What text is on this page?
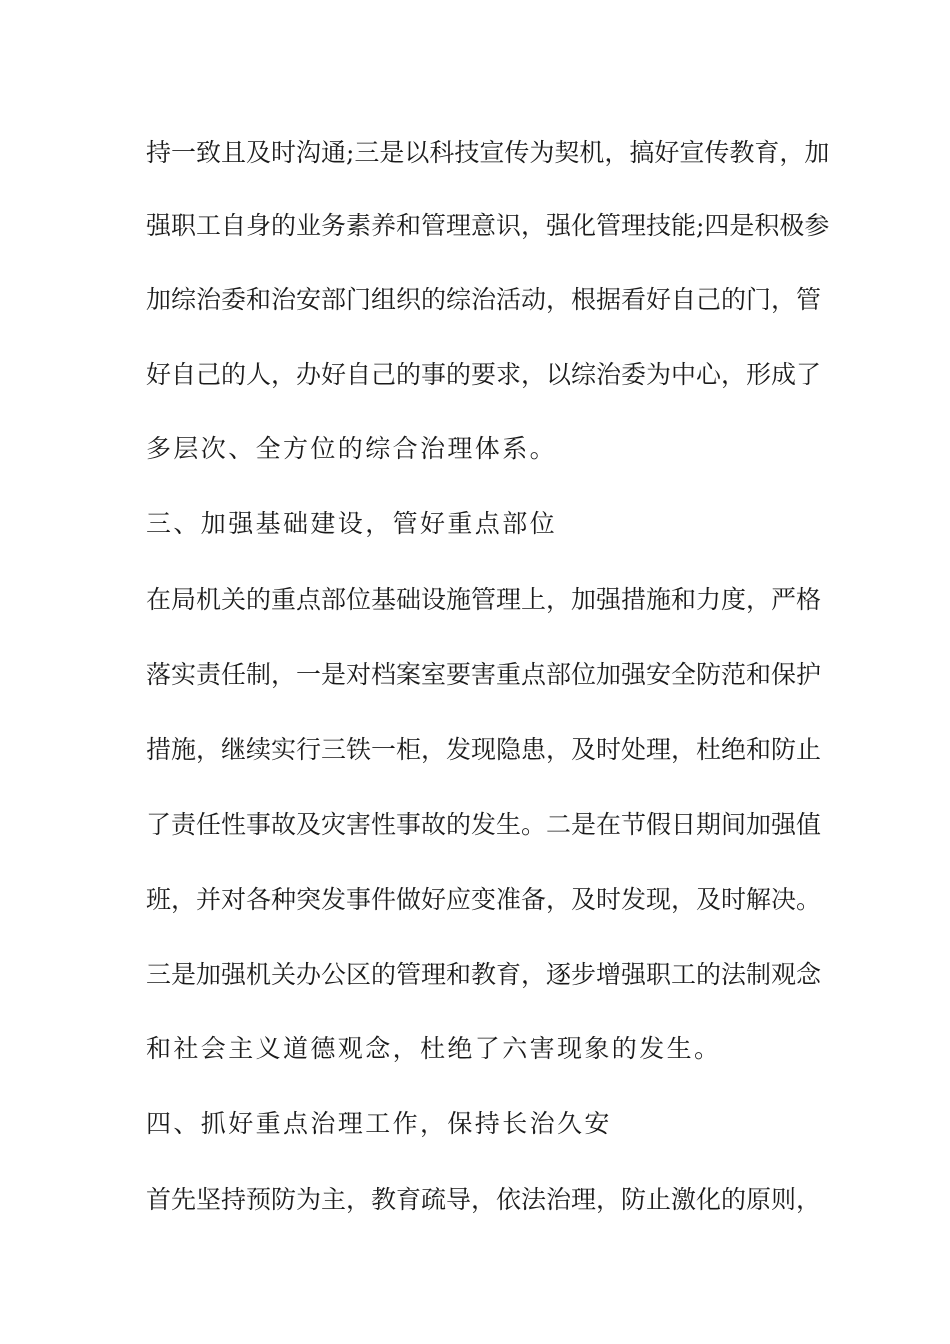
持一致且及时沟通;三是以科技宣传为契机，搞好宣传教育，加
强职工自身的业务素养和管理意识，强化管理技能;四是积极参
加综治委和治安部门组织的综治活动，根据看好自己的门，管
好自己的人，办好自己的事的要求，以综治委为中心，形成了
多层次、全方位的综合治理体系。
三、加强基础建设，管好重点部位
在局机关的重点部位基础设施管理上，加强措施和力度，严格
落实责任制，一是对档案室要害重点部位加强安全防范和保护
措施，继续实行三铁一柜，发现隐患，及时处理，杜绝和防止
了责任性事故及灾害性事故的发生。二是在节假日期间加强值
班，并对各种突发事件做好应变准备，及时发现，及时解决。
三是加强机关办公区的管理和教育，逐步增强职工的法制观念
和社会主义道德观念，杜绝了六害现象的发生。
四、抓好重点治理工作，保持长治久安
首先坚持预防为主，教育疏导，依法治理，防止激化的原则，
